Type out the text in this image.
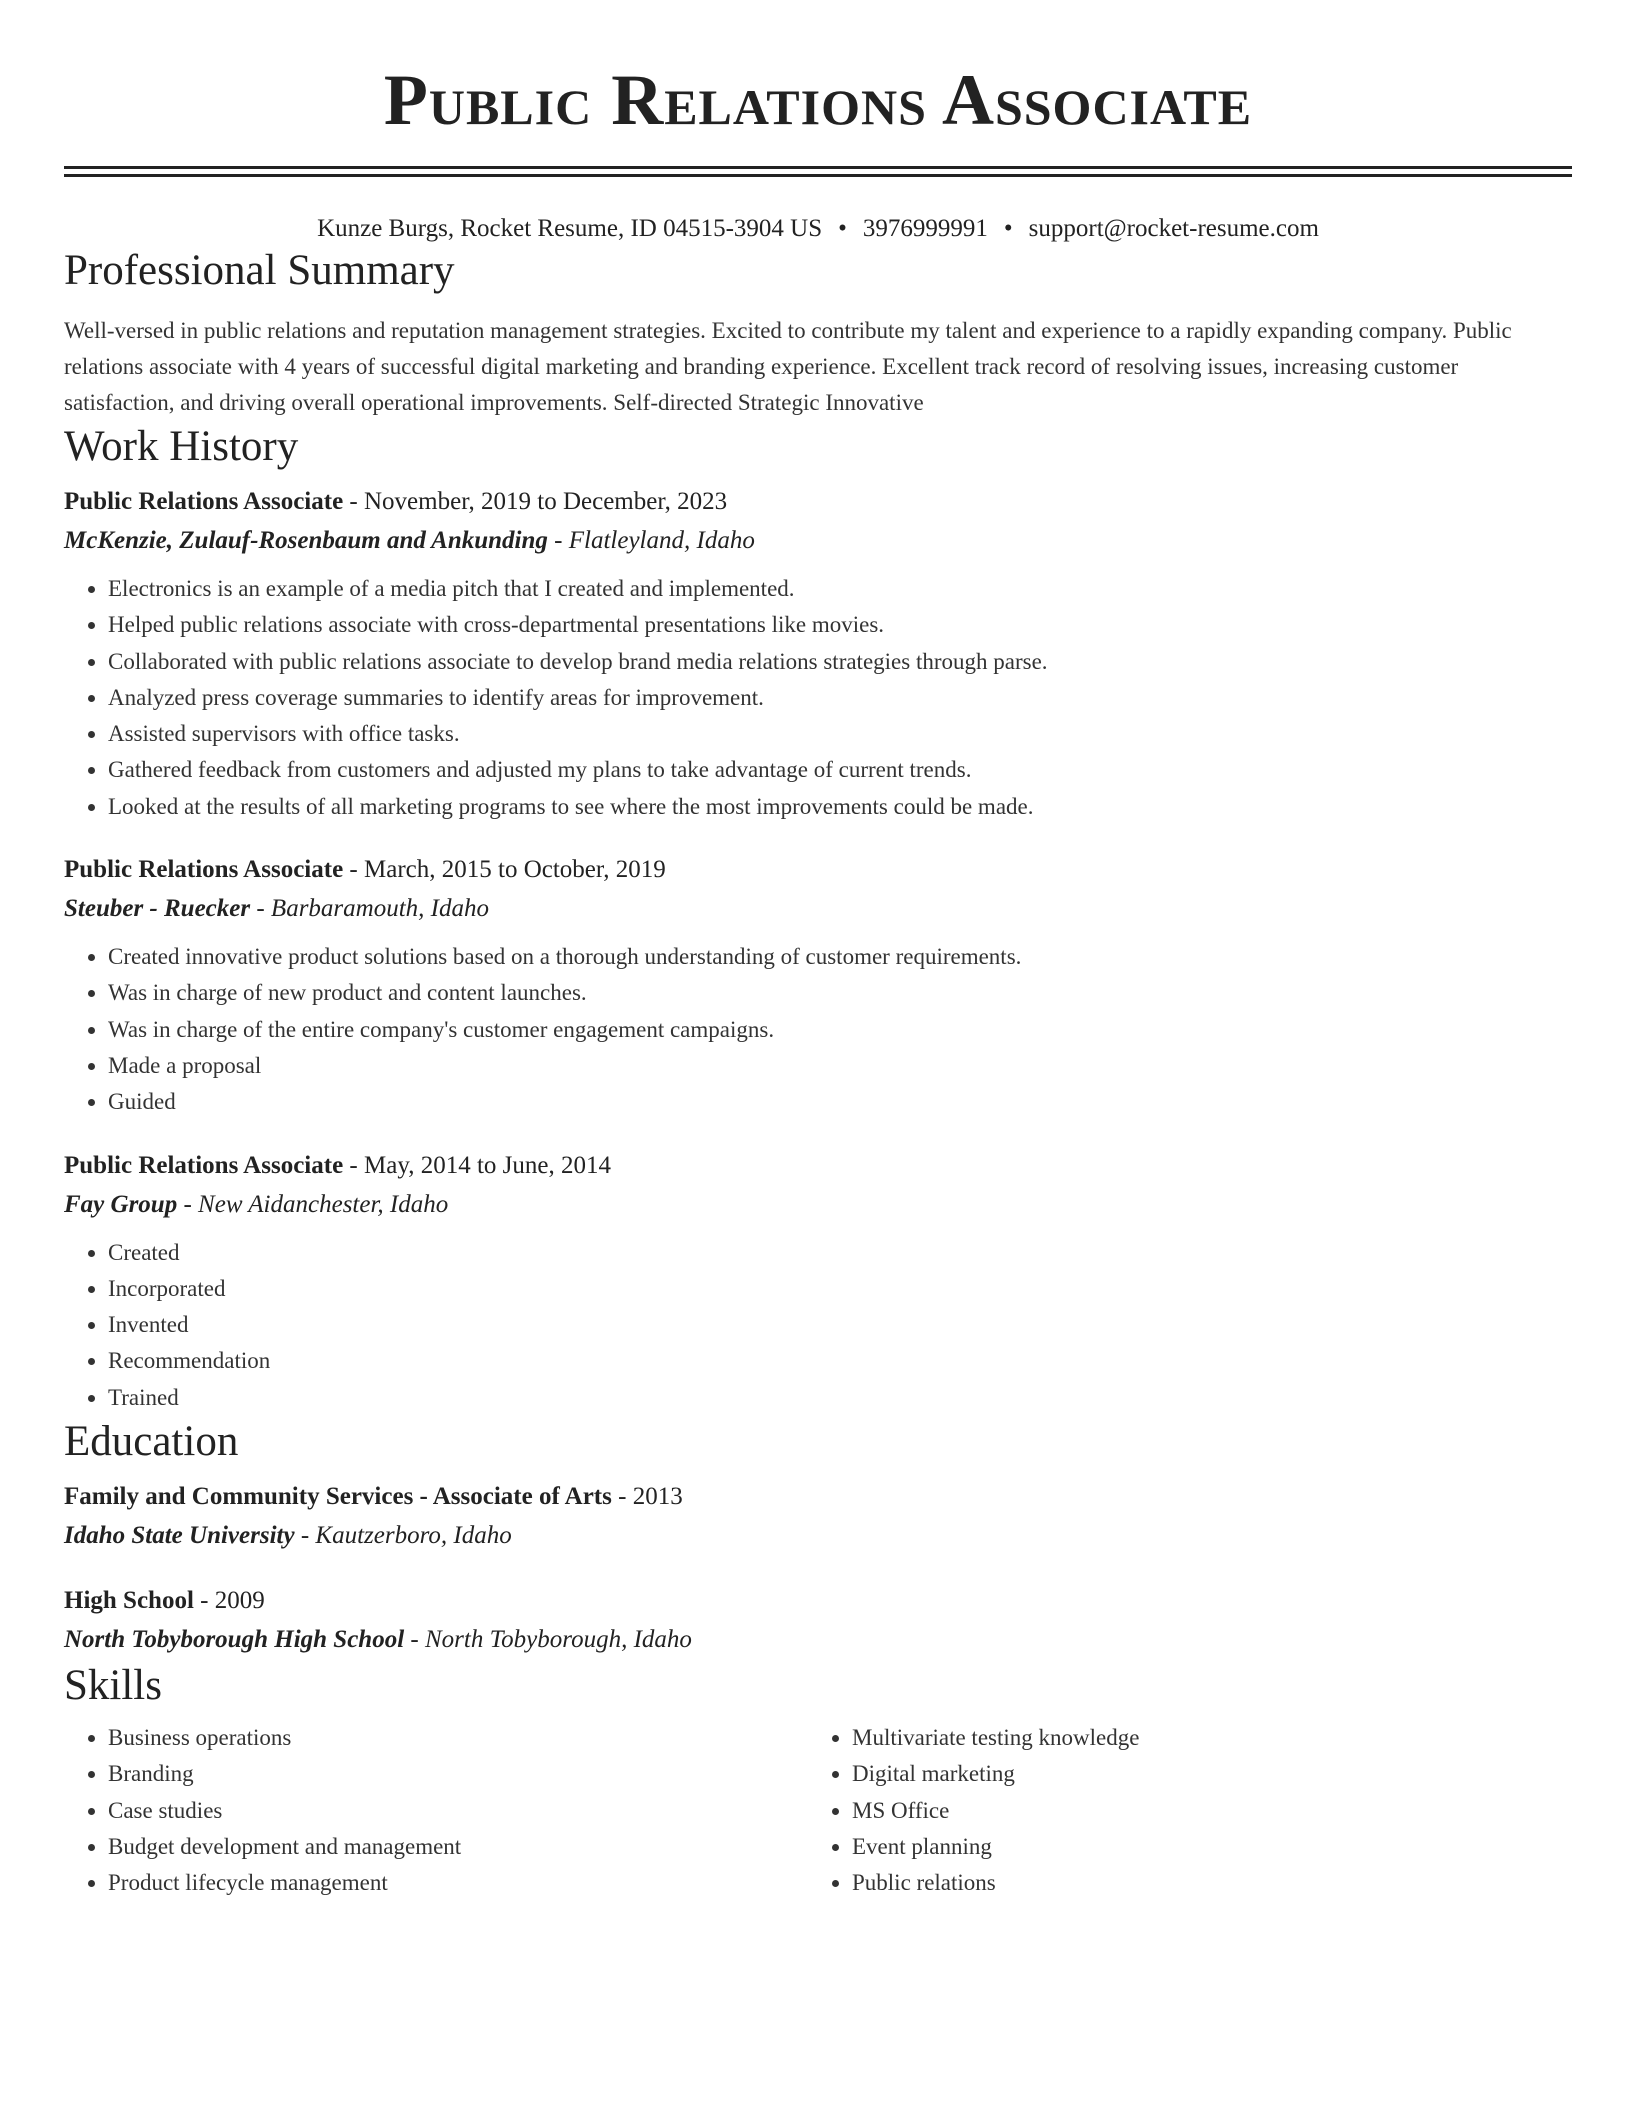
Public Relations Associate
Kunze Burgs, Rocket Resume, ID 04515-3904 US • 3976999991 • support@rocket-resume.com
Professional Summary
Well-versed in public relations and reputation management strategies. Excited to contribute my talent and experience to a rapidly expanding company. Public relations associate with 4 years of successful digital marketing and branding experience. Excellent track record of resolving issues, increasing customer satisfaction, and driving overall operational improvements. Self-directed Strategic Innovative
Work History
Public Relations Associate - November, 2019 to December, 2023
McKenzie, Zulauf-Rosenbaum and Ankunding - Flatleyland, Idaho
• Electronics is an example of a media pitch that I created and implemented.
• Helped public relations associate with cross-departmental presentations like movies.
• Collaborated with public relations associate to develop brand media relations strategies through parse.
• Analyzed press coverage summaries to identify areas for improvement.
• Assisted supervisors with office tasks.
• Gathered feedback from customers and adjusted my plans to take advantage of current trends.
• Looked at the results of all marketing programs to see where the most improvements could be made.
Public Relations Associate - March, 2015 to October, 2019
Steuber - Ruecker - Barbaramouth, Idaho
• Created innovative product solutions based on a thorough understanding of customer requirements.
• Was in charge of new product and content launches.
• Was in charge of the entire company's customer engagement campaigns.
• Made a proposal
• Guided
Public Relations Associate - May, 2014 to June, 2014
Fay Group - New Aidanchester, Idaho
• Created
• Incorporated
• Invented
• Recommendation
• Trained
Education
Family and Community Services - Associate of Arts - 2013
Idaho State University - Kautzerboro, Idaho
High School - 2009
North Tobyborough High School - North Tobyborough, Idaho
Skills
• Business operations
• Branding
• Case studies
• Budget development and management
• Product lifecycle management
• Multivariate testing knowledge
• Digital marketing
• MS Office
• Event planning
• Public relations
